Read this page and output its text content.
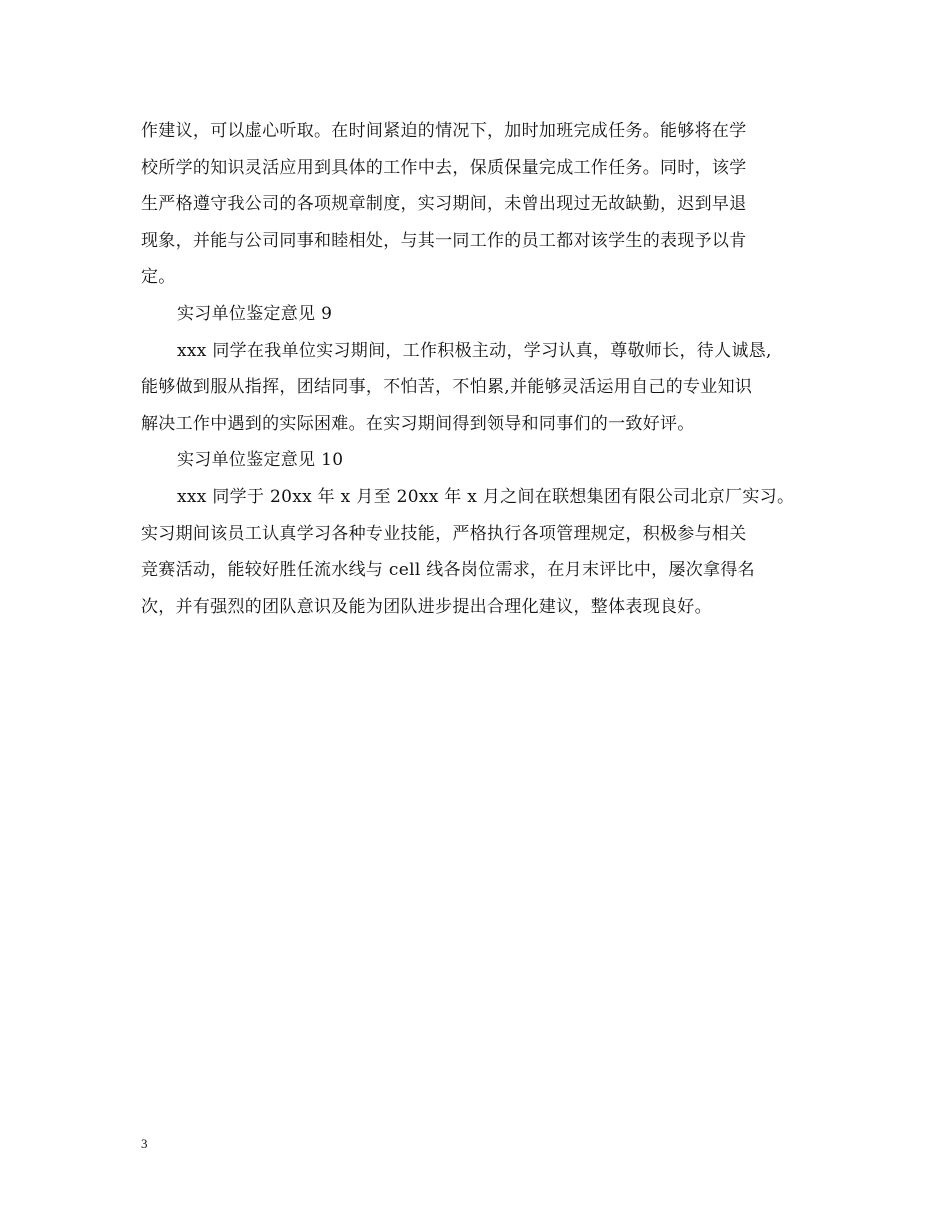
作建议，可以虚心听取。在时间紧迫的情况下，加时加班完成任务。能够将在学
校所学的知识灵活应用到具体的工作中去，保质保量完成工作任务。同时，该学
生严格遵守我公司的各项规章制度，实习期间，未曾出现过无故缺勤，迟到早退
现象，并能与公司同事和睦相处，与其一同工作的员工都对该学生的表现予以肯
定。
实习单位鉴定意见 9
xxx 同学在我单位实习期间，工作积极主动，学习认真，尊敬师长，待人诚恳,
能够做到服从指挥，团结同事，不怕苦，不怕累,并能够灵活运用自己的专业知识
解决工作中遇到的实际困难。在实习期间得到领导和同事们的一致好评。
实习单位鉴定意见 10
xxx 同学于 20xx 年 x 月至 20xx 年 x 月之间在联想集团有限公司北京厂实习。
实习期间该员工认真学习各种专业技能，严格执行各项管理规定，积极参与相关
竞赛活动，能较好胜任流水线与 cell 线各岗位需求，在月末评比中，屡次拿得名
次，并有强烈的团队意识及能为团队进步提出合理化建议，整体表现良好。
3
